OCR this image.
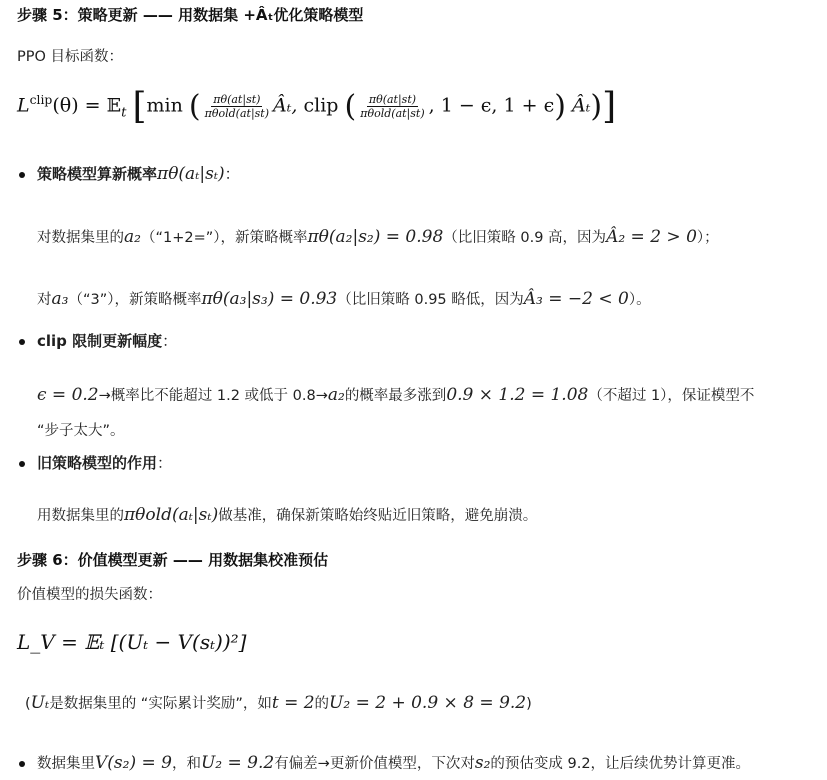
步骤 5：策略更新 —— 用数据集 +Âₜ优化策略模型
PPO 目标函数：
$L^{clip}(\theta)$ = 𝔼$_t$ [min ( $\frac{\pi\theta(at|st)}{\text{πθold(at|st)}}$ Âₜ, clip ( $\frac{\pi\theta(at|st)}{\text{πθold(at|st)}}$ , 1 − ϵ, 1 + ϵ) Âₜ)]
策略模型算新概率πθ(aₜ|sₜ)：
对数据集里的a₂（“1+2=”），新策略概率πθ(a₂|s₂) = 0.98（比旧策略 0.9 高，因为Â₂ = 2 > 0）；
对a₃（“3”），新策略概率πθ(a₃|s₃) = 0.93（比旧策略 0.95 略低，因为Â₃ = −2 < 0）。
clip 限制更新幅度：
ϵ = 0.2→概率比不能超过 1.2 或低于 0.8→a₂的概率最多涨到0.9 × 1.2 = 1.08（不超过 1），保证模型不
“步子太大”。
旧策略模型的作用：
用数据集里的πθold(aₜ|sₜ)做基准，确保新策略始终贴近旧策略，避免崩溃。
步骤 6：价值模型更新 —— 用数据集校准预估
价值模型的损失函数：
L_V = 𝔼ₜ [(Uₜ − V(sₜ))²]
(Uₜ是数据集里的 “实际累计奖励”，如t = 2的U₂ = 2 + 0.9 × 8 = 9.2)
数据集里V(s₂) = 9，和U₂ = 9.2有偏差→更新价值模型，下次对s₂的预估变成 9.2，让后续优势计算更准。
